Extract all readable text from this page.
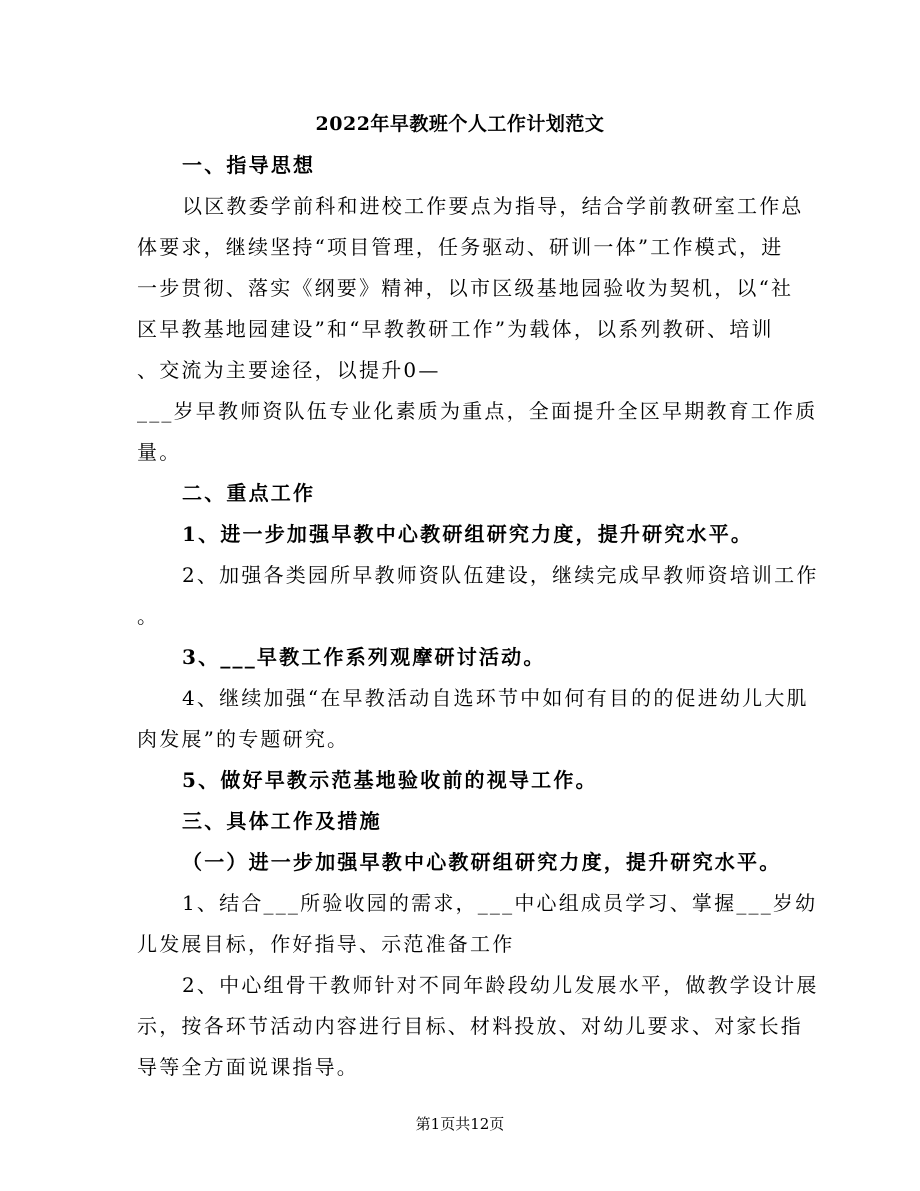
2022年早教班个人工作计划范文
一、指导思想
以区教委学前科和进校工作要点为指导，结合学前教研室工作总
体要求，继续坚持“项目管理，任务驱动、研训一体”工作模式，进
一步贯彻、落实《纲要》精神，以市区级基地园验收为契机，以“社
区早教基地园建设”和“早教教研工作”为载体，以系列教研、培训
、交流为主要途径，以提升0—
___岁早教师资队伍专业化素质为重点，全面提升全区早期教育工作质
量。
二、重点工作
1、进一步加强早教中心教研组研究力度，提升研究水平。
2、加强各类园所早教师资队伍建设，继续完成早教师资培训工作
。
3、___早教工作系列观摩研讨活动。
4、继续加强“在早教活动自选环节中如何有目的的促进幼儿大肌
肉发展”的专题研究。
5、做好早教示范基地验收前的视导工作。
三、具体工作及措施
（一）进一步加强早教中心教研组研究力度，提升研究水平。
1、结合___所验收园的需求，___中心组成员学习、掌握___岁幼
儿发展目标，作好指导、示范准备工作
2、中心组骨干教师针对不同年龄段幼儿发展水平，做教学设计展
示，按各环节活动内容进行目标、材料投放、对幼儿要求、对家长指
导等全方面说课指导。
第1页共12页
